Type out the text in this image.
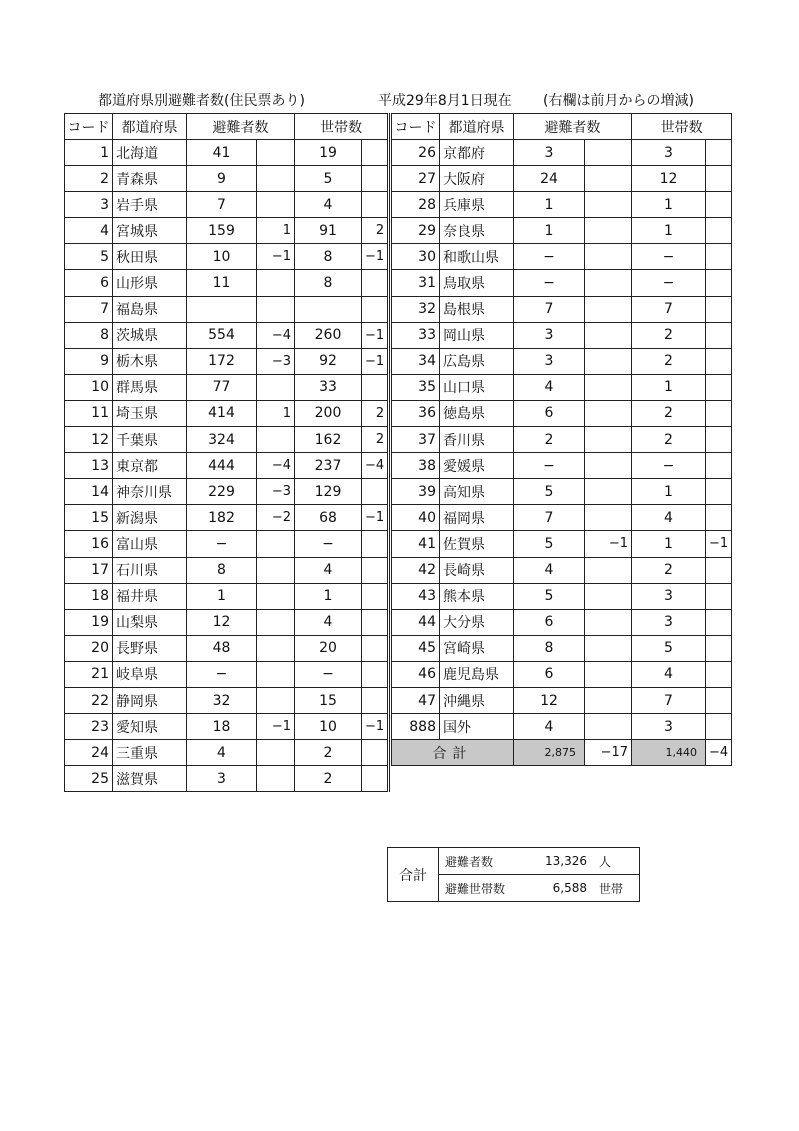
都道府県別避難者数(住民票あり)	平成29年8月1日現在 (右欄は前月からの増減)
コード	都道府県	避難者数		世帯数	
1	北海道	41		19	
2	青森県	9		5	
3	岩手県	7		4	
4	宮城県	159	1	91	2
5	秋田県	10	−1	8	−1
6	山形県	11		8	
7	福島県				
8	茨城県	554	−4	260	−1
9	栃木県	172	−3	92	−1
10	群馬県	77		33	
11	埼玉県	414	1	200	2
12	千葉県	324		162	2
13	東京都	444	−4	237	−4
14	神奈川県	229	−3	129	
15	新潟県	182	−2	68	−1
16	富山県	−		−	
17	石川県	8		4	
18	福井県	1		1	
19	山梨県	12		4	
20	長野県	48		20	
21	岐阜県	−		−	
22	静岡県	32		15	
23	愛知県	18	−1	10	−1
24	三重県	4		2	
25	滋賀県	3		2	
コード	都道府県	避難者数		世帯数	
26	京都府	3		3	
27	大阪府	24		12	
28	兵庫県	1		1	
29	奈良県	1		1	
30	和歌山県	−		−	
31	鳥取県	−		−	
32	島根県	7		7	
33	岡山県	3		2	
34	広島県	3		2	
35	山口県	4		1	
36	徳島県	6		2	
37	香川県	2		2	
38	愛媛県	−		−	
39	高知県	5		1	
40	福岡県	7		4	
41	佐賀県	5	−1	1	−1
42	長崎県	4		2	
43	熊本県	5		3	
44	大分県	6		3	
45	宮崎県	8		5	
46	鹿児島県	6		4	
47	沖縄県	12		7	
888	国外	4		3	
合計		2,875	−17	1,440	−4
合計	避難者数	13,326	人
	避難世帯数	6,588	世帯
